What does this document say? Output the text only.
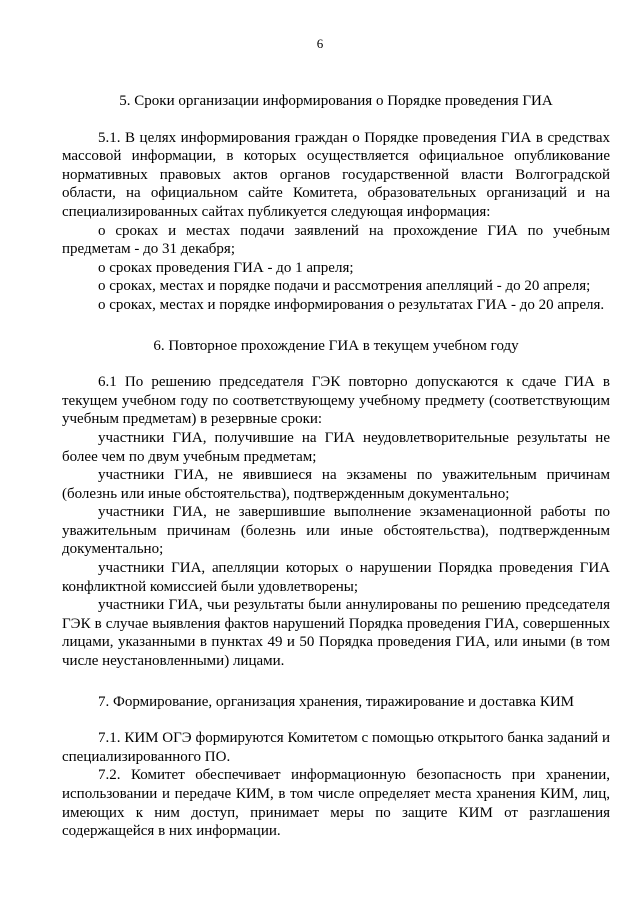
6

5. Сроки организации информирования о Порядке проведения ГИА

5.1. В целях информирования граждан о Порядке проведения ГИА в средствах массовой информации, в которых осуществляется официальное опубликование нормативных правовых актов органов государственной власти Волгоградской области, на официальном сайте Комитета, образовательных организаций и на специализированных сайтах публикуется следующая информация:

о сроках и местах подачи заявлений на прохождение ГИА по учебным предметам - до 31 декабря;

о сроках проведения ГИА - до 1 апреля;

о сроках, местах и порядке подачи и рассмотрения апелляций - до 20 апреля;

о сроках, местах и порядке информирования о результатах ГИА - до 20 апреля.

6. Повторное прохождение ГИА в текущем учебном году

6.1 По решению председателя ГЭК повторно допускаются к сдаче ГИА в текущем учебном году по соответствующему учебному предмету (соответствующим учебным предметам) в резервные сроки:

участники ГИА, получившие на ГИА неудовлетворительные результаты не более чем по двум учебным предметам;

участники ГИА, не явившиеся на экзамены по уважительным причинам (болезнь или иные обстоятельства), подтвержденным документально;

участники ГИА, не завершившие выполнение экзаменационной работы по уважительным причинам (болезнь или иные обстоятельства), подтвержденным документально;

участники ГИА, апелляции которых о нарушении Порядка проведения ГИА конфликтной комиссией были удовлетворены;

участники ГИА, чьи результаты были аннулированы по решению председателя ГЭК в случае выявления фактов нарушений Порядка проведения ГИА, совершенных лицами, указанными в пунктах 49 и 50 Порядка проведения ГИА, или иными (в том числе неустановленными) лицами.

7. Формирование, организация хранения, тиражирование и доставка КИМ

7.1. КИМ ОГЭ формируются Комитетом с помощью открытого банка заданий и специализированного ПО.

7.2. Комитет обеспечивает информационную безопасность при хранении, использовании и передаче КИМ, в том числе определяет места хранения КИМ, лиц, имеющих к ним доступ, принимает меры по защите КИМ от разглашения содержащейся в них информации.
